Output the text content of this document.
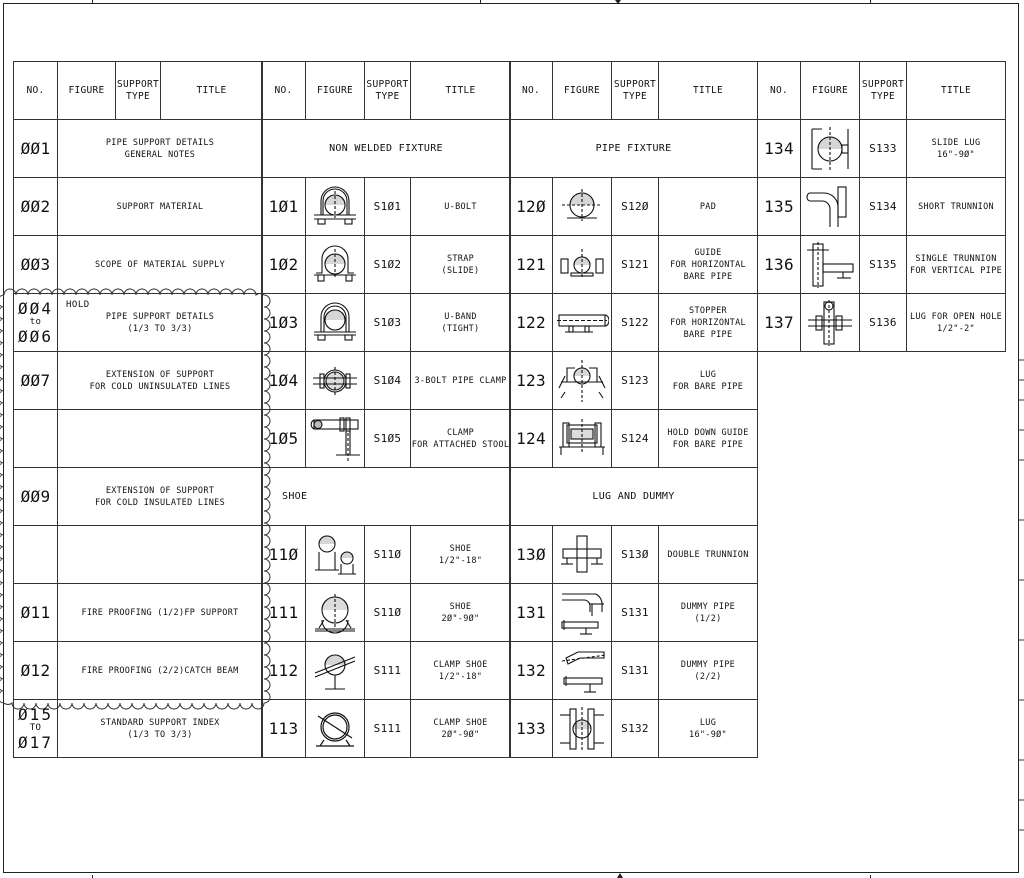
NO.	FIGURE	SUPPORT TYPE	TITLE
ØØ1	PIPE SUPPORT DETAILS
GENERAL NOTES		
ØØ2	SUPPORT MATERIAL		
ØØ3	SCOPE OF MATERIAL SUPPLY		

ØØ4
to
ØØ6	PIPE SUPPORT DETAILS
(1/3 TO 3/3)		
ØØ7	EXTENSION OF SUPPORT
FOR COLD UNINSULATED LINES		

ØØ9	EXTENSION OF SUPPORT
FOR COLD INSULATED LINES		

Ø11	FIRE PROOFING (1/2)FP SUPPORT		
Ø12	FIRE PROOFING (2/2)CATCH BEAM		

Ø15
TO
Ø17	STANDARD SUPPORT INDEX
(1/3 TO 3/3)		
NO.	FIGURE	SUPPORT TYPE	TITLE
NON WELDED FIXTURE			
1Ø1		S1Ø1	U-BOLT
1Ø2		S1Ø2	STRAP
(SLIDE)
1Ø3		S1Ø3	U-BAND
(TIGHT)
1Ø4		S1Ø4	3-BOLT PIPE CLAMP
1Ø5		S1Ø5	CLAMP
FOR ATTACHED STOOL
SHOE			
11Ø		S11Ø	SHOE
1/2"-18"
111		S11Ø	SHOE
2Ø"-9Ø"
112		S111	CLAMP SHOE
1/2"-18"
113		S111	CLAMP SHOE
2Ø"-9Ø"
NO.	FIGURE	SUPPORT TYPE	TITLE
PIPE FIXTURE			
12Ø		S12Ø	PAD
121		S121	GUIDE
FOR HORIZONTAL
BARE PIPE
122		S122	STOPPER
FOR HORIZONTAL
BARE PIPE
123		S123	LUG
FOR BARE PIPE
124		S124	HOLD DOWN GUIDE
FOR BARE PIPE
LUG AND DUMMY			
13Ø		S13Ø	DOUBLE TRUNNION
131		S131	DUMMY PIPE
(1/2)
132		S131	DUMMY PIPE
(2/2)
133		S132	LUG
16"-9Ø"
NO.	FIGURE	SUPPORT TYPE	TITLE
134		S133	SLIDE LUG
16"-9Ø"
135		S134	SHORT TRUNNION
136		S135	SINGLE TRUNNION
FOR VERTICAL PIPE
137		S136	LUG FOR OPEN HOLE
1/2"-2"
HOLD
